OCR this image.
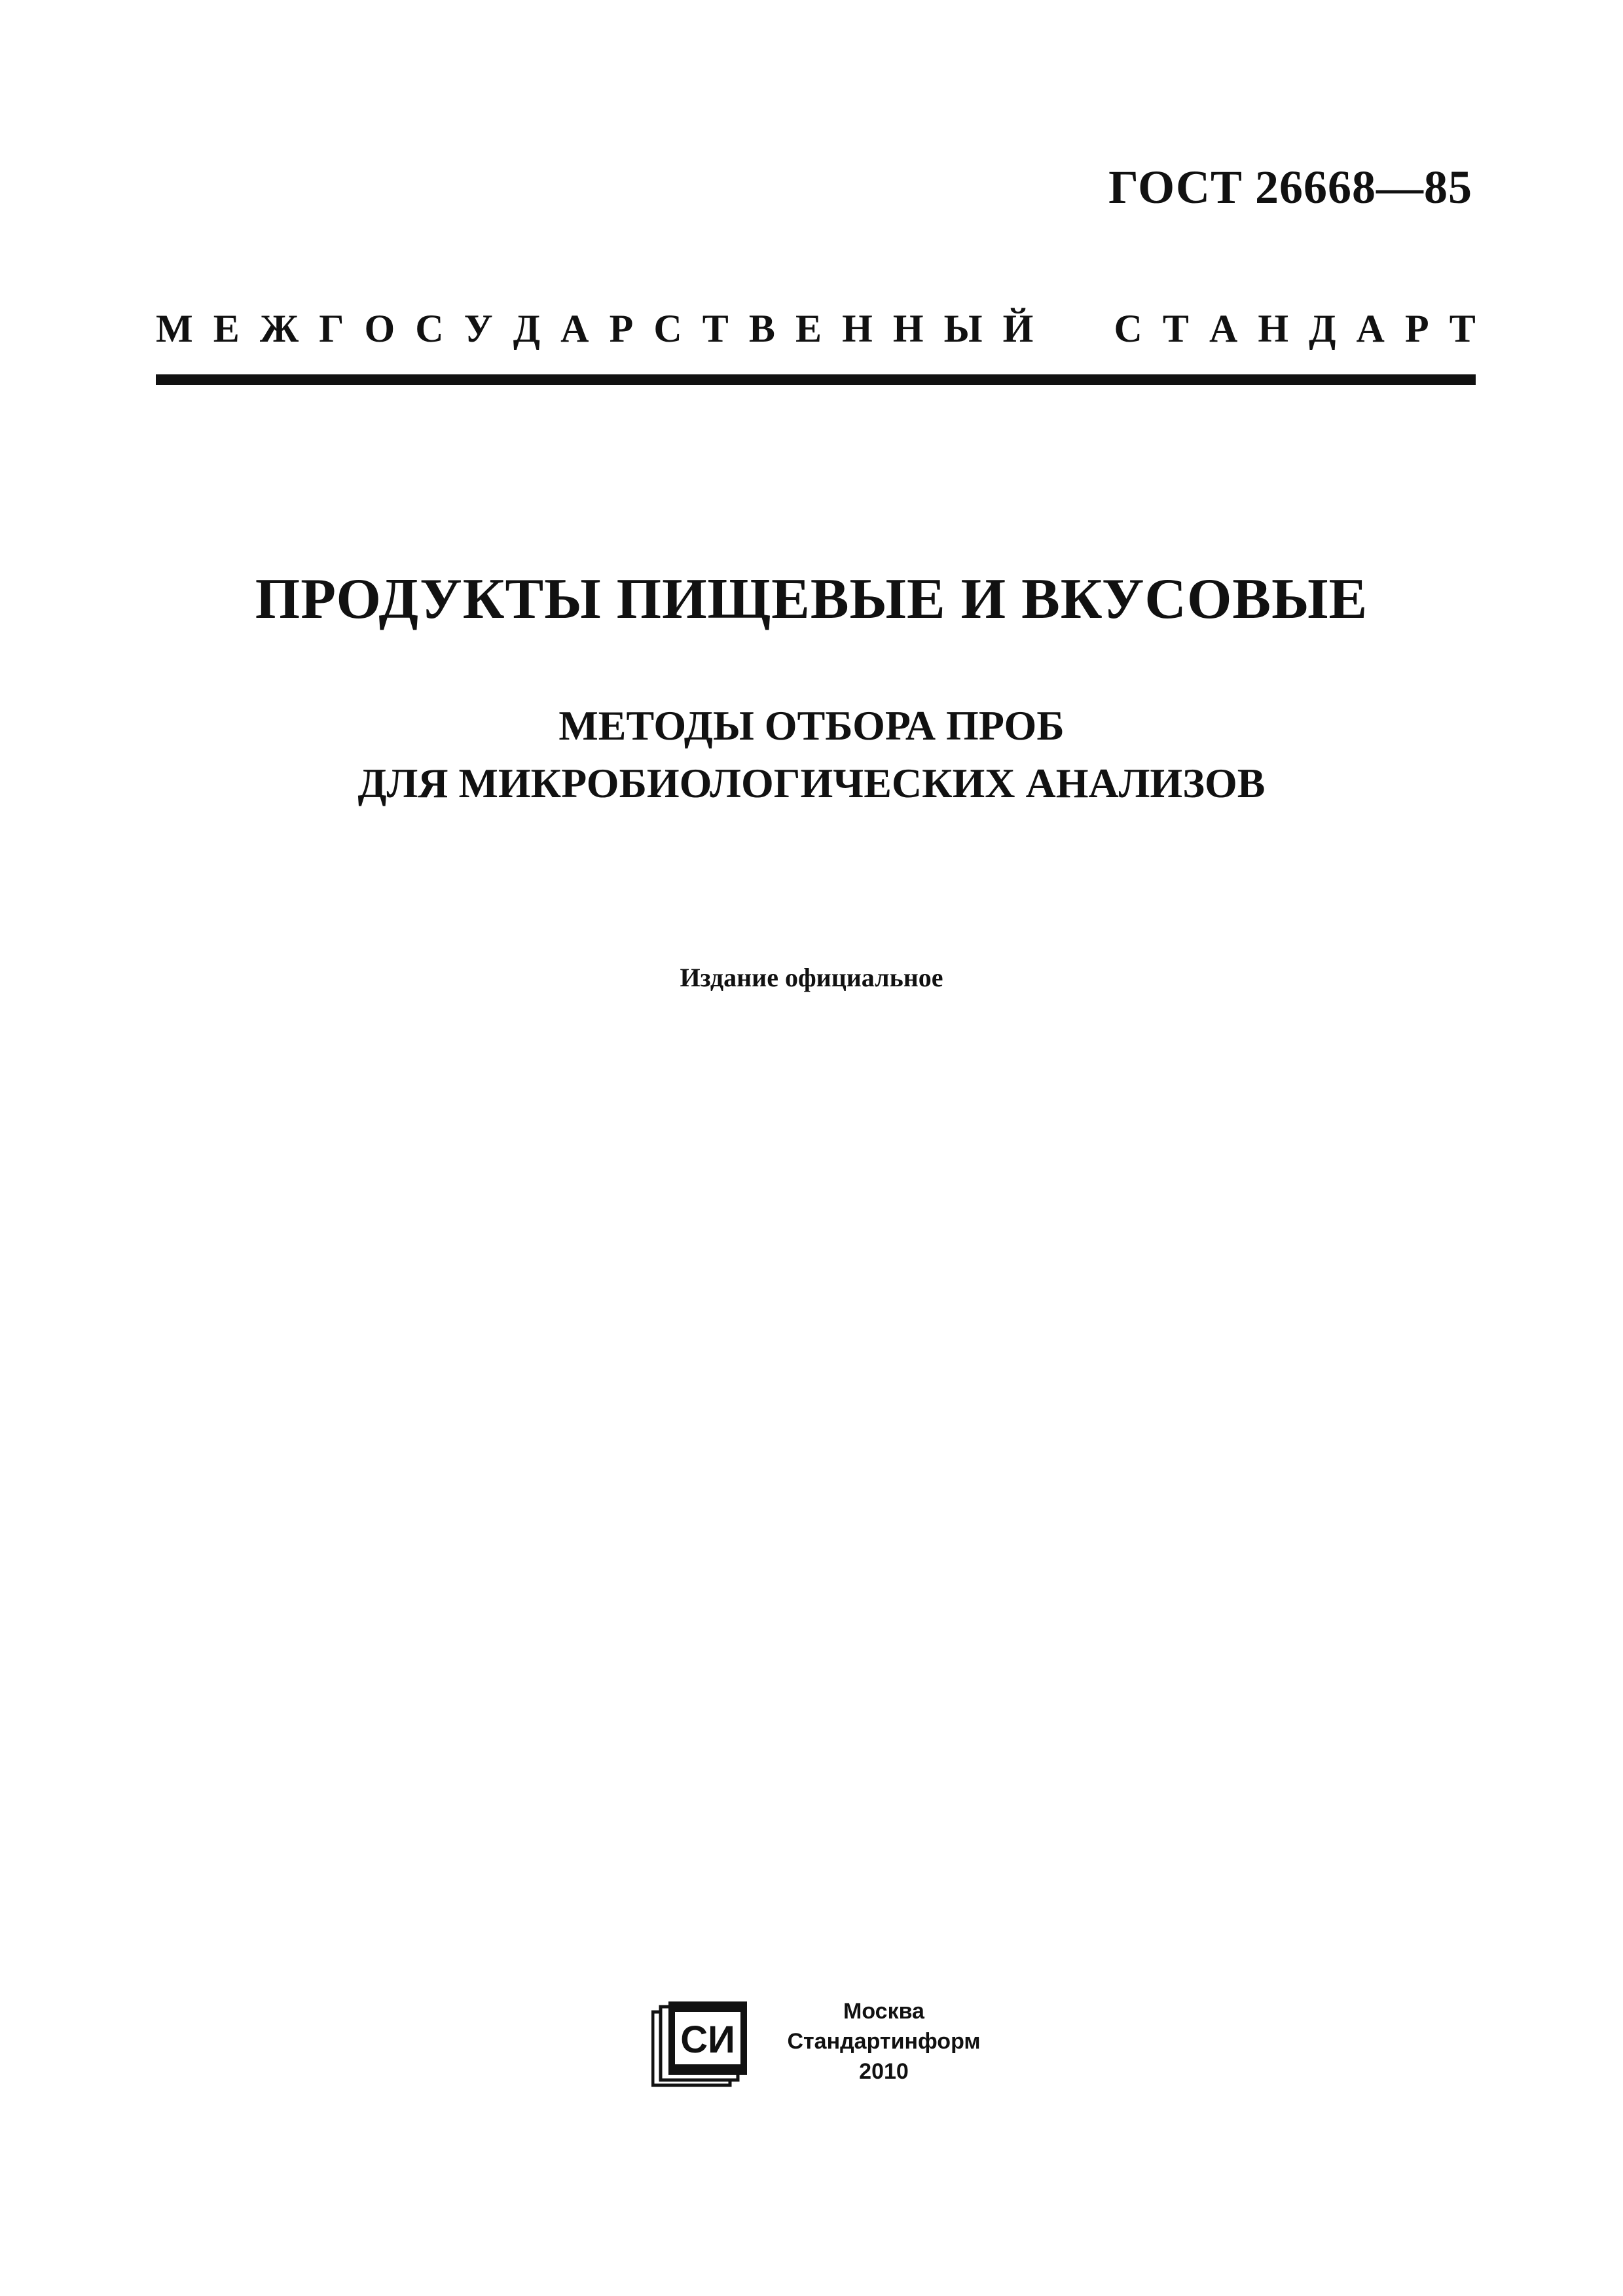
ГОСТ 26668—85
М Е Ж Г О С У Д А Р С Т В Е Н Н Ы Й

С Т А Н Д А Р Т
ПРОДУКТЫ ПИЩЕВЫЕ И ВКУСОВЫЕ
МЕТОДЫ ОТБОРА ПРОБ
ДЛЯ МИКРОБИОЛОГИЧЕСКИХ АНАЛИЗОВ
Издание официальное
СИ
Москва
Стандартинформ
2010
